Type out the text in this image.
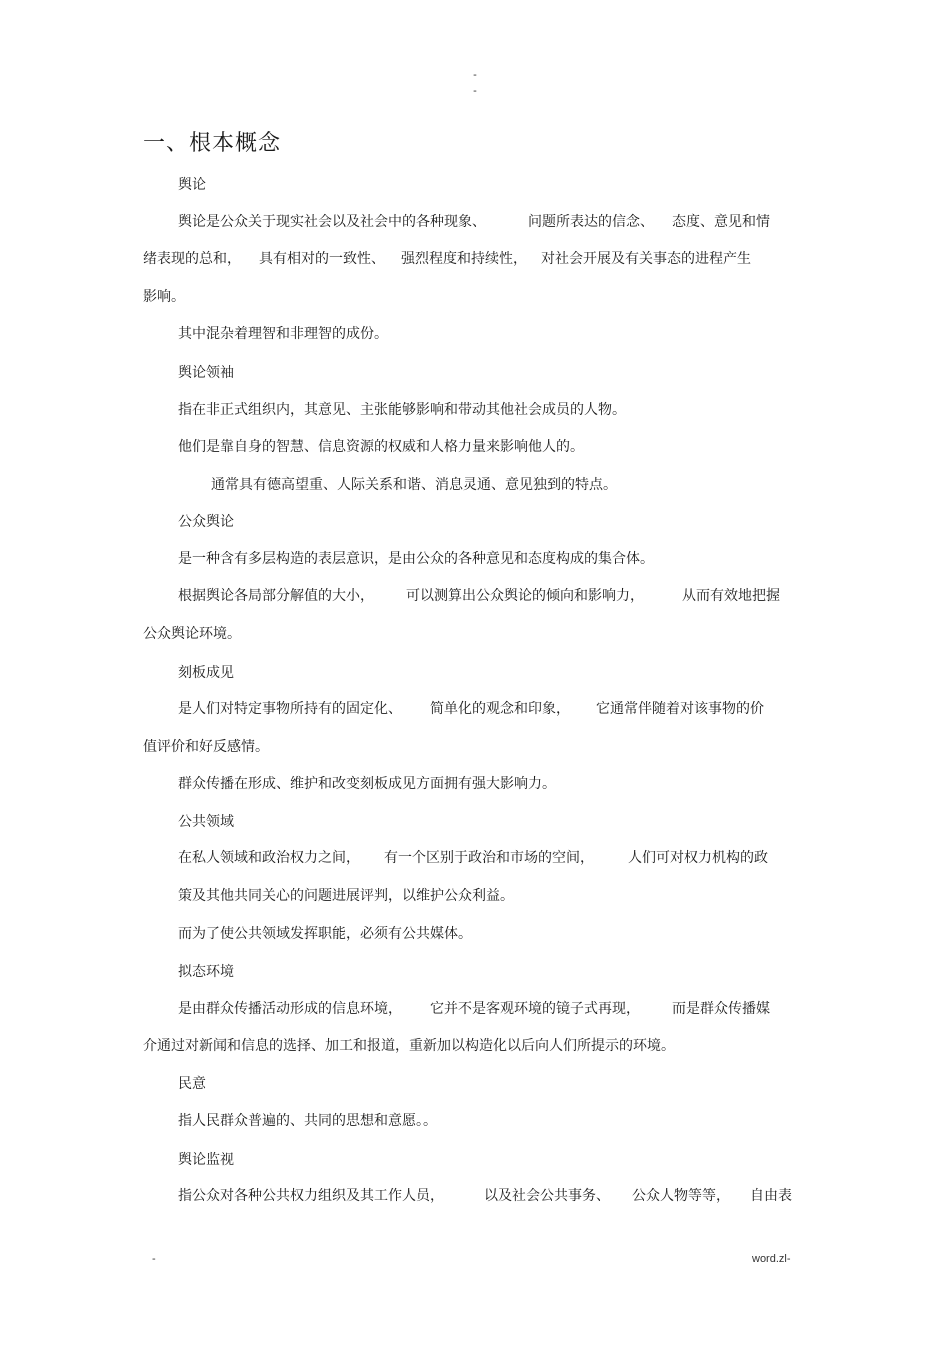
-
-
一、根本概念

舆论

舆论是公众关于现实社会以及社会中的各种现象、	问题所表达的信念、 态度、意见和情

绪表现的总和， 具有相对的一致性、 强烈程度和持续性， 对社会开展及有关事态的进程产生

影响。

其中混杂着理智和非理智的成份。

舆论领袖

指在非正式组织内，其意见、主张能够影响和带动其他社会成员的人物。

他们是靠自身的智慧、信息资源的权威和人格力量来影响他人的。

通常具有德高望重、人际关系和谐、消息灵通、意见独到的特点。

公众舆论

是一种含有多层构造的表层意识，是由公众的各种意见和态度构成的集合体。

根据舆论各局部分解值的大小， 可以测算出公众舆论的倾向和影响力，	从而有效地把握

公众舆论环境。

刻板成见

是人们对特定事物所持有的固定化、 简单化的观念和印象， 它通常伴随着对该事物的价

值评价和好反感情。

群众传播在形成、维护和改变刻板成见方面拥有强大影响力。

公共领域

在私人领域和政治权力之间， 有一个区别于政治和市场的空间， 人们可对权力机构的政

策及其他共同关心的问题进展评判，以维护公众利益。

而为了使公共领域发挥职能，必须有公共媒体。

拟态环境

是由群众传播活动形成的信息环境， 它并不是客观环境的镜子式再现， 而是群众传播媒

介通过对新闻和信息的选择、加工和报道，重新加以构造化以后向人们所提示的环境。

民意

指人民群众普遍的、共同的思想和意愿。。

舆论监视

指公众对各种公共权力组织及其工作人员，	以及社会公共事务、 公众人物等等， 自由表

-	word.zl-
